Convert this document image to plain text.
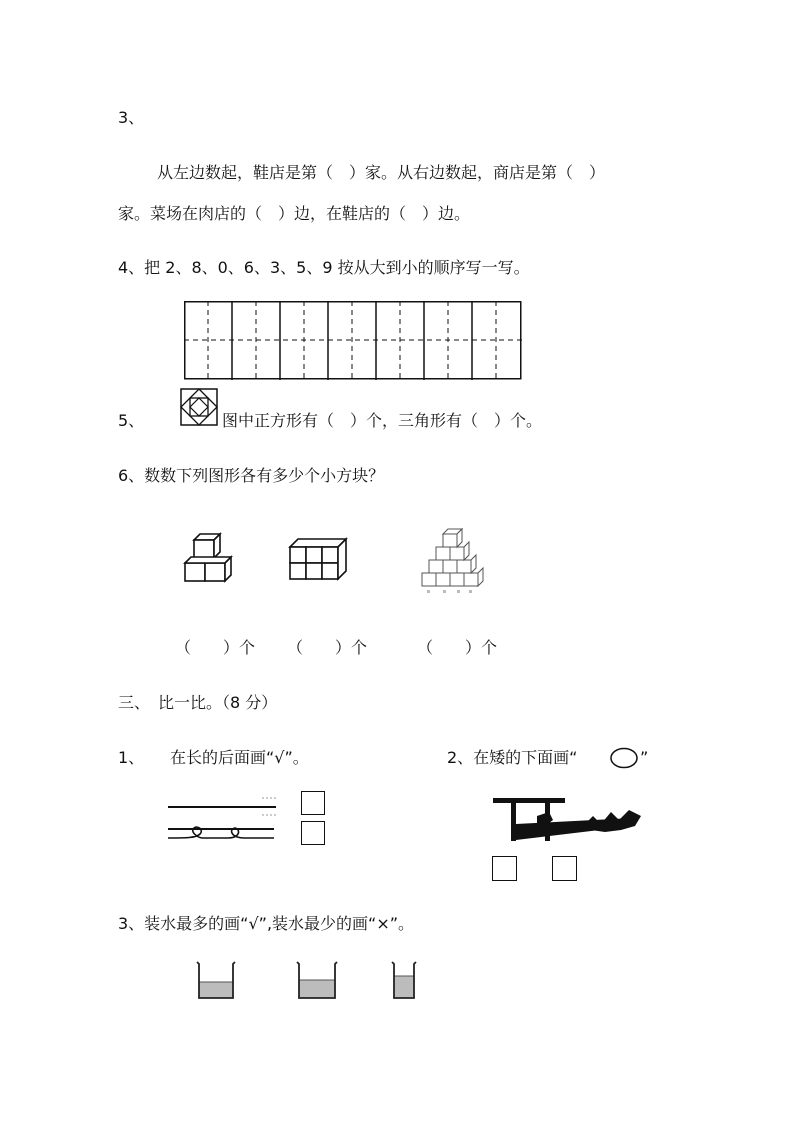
3、
从左边数起，鞋店是第（　）家。从右边数起，商店是第（　）
家。菜场在肉店的（　）边，在鞋店的（　）边。
4、把 2、8、0、6、3、5、9 按从大到小的顺序写一写。
5、	图中正方形有（　）个，三角形有（　）个。
6、数数下列图形各有多少个小方块？
（　　）个 （　　）个	（　　）个
三、　比一比。（8 分）
1、 在长的后面画“√”。	2、在矮的下面画“	”
3、装水最多的画“√”,装水最少的画“×”。
